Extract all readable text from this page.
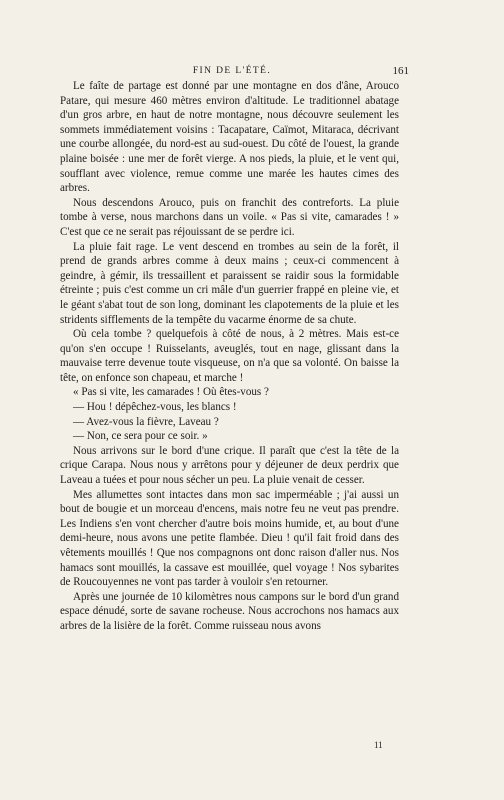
FIN DE L'ÉTÉ.	161

Le faîte de partage est donné par une montagne en dos d'âne, Arouco Patare, qui mesure 460 mètres environ d'altitude. Le traditionnel abatage d'un gros arbre, en haut de notre montagne, nous découvre seulement les sommets immédiatement voisins : Tacapatare, Caïmot, Mitaraca, décrivant une courbe allongée, du nord-est au sud-ouest. Du côté de l'ouest, la grande plaine boisée : une mer de forêt vierge. A nos pieds, la pluie, et le vent qui, soufflant avec violence, remue comme une marée les hautes cimes des arbres.

Nous descendons Arouco, puis on franchit des contreforts. La pluie tombe à verse, nous marchons dans un voile. « Pas si vite, camarades ! » C'est que ce ne serait pas réjouissant de se perdre ici.

La pluie fait rage. Le vent descend en trombes au sein de la forêt, il prend de grands arbres comme à deux mains ; ceux-ci commencent à geindre, à gémir, ils tressaillent et paraissent se raidir sous la formidable étreinte ; puis c'est comme un cri mâle d'un guerrier frappé en pleine vie, et le géant s'abat tout de son long, dominant les clapotements de la pluie et les stridents sifflements de la tempête du vacarme énorme de sa chute.

Où cela tombe ? quelquefois à côté de nous, à 2 mètres. Mais est-ce qu'on s'en occupe ! Ruisselants, aveuglés, tout en nage, glissant dans la mauvaise terre devenue toute visqueuse, on n'a que sa volonté. On baisse la tête, on enfonce son chapeau, et marche !

« Pas si vite, les camarades ! Où êtes-vous ?

— Hou ! dépêchez-vous, les blancs !

— Avez-vous la fièvre, Laveau ?

— Non, ce sera pour ce soir. »

Nous arrivons sur le bord d'une crique. Il paraît que c'est la tête de la crique Carapa. Nous nous y arrêtons pour y déjeuner de deux perdrix que Laveau a tuées et pour nous sécher un peu. La pluie venait de cesser.

Mes allumettes sont intactes dans mon sac imperméable ; j'ai aussi un bout de bougie et un morceau d'encens, mais notre feu ne veut pas prendre. Les Indiens s'en vont chercher d'autre bois moins humide, et, au bout d'une demi-heure, nous avons une petite flambée. Dieu ! qu'il fait froid dans des vêtements mouillés ! Que nos compagnons ont donc raison d'aller nus. Nos hamacs sont mouillés, la cassave est mouillée, quel voyage ! Nos sybarites de Roucouyennes ne vont pas tarder à vouloir s'en retourner.

Après une journée de 10 kilomètres nous campons sur le bord d'un grand espace dénudé, sorte de savane rocheuse. Nous accrochons nos hamacs aux arbres de la lisière de la forêt. Comme ruisseau nous avons

11
